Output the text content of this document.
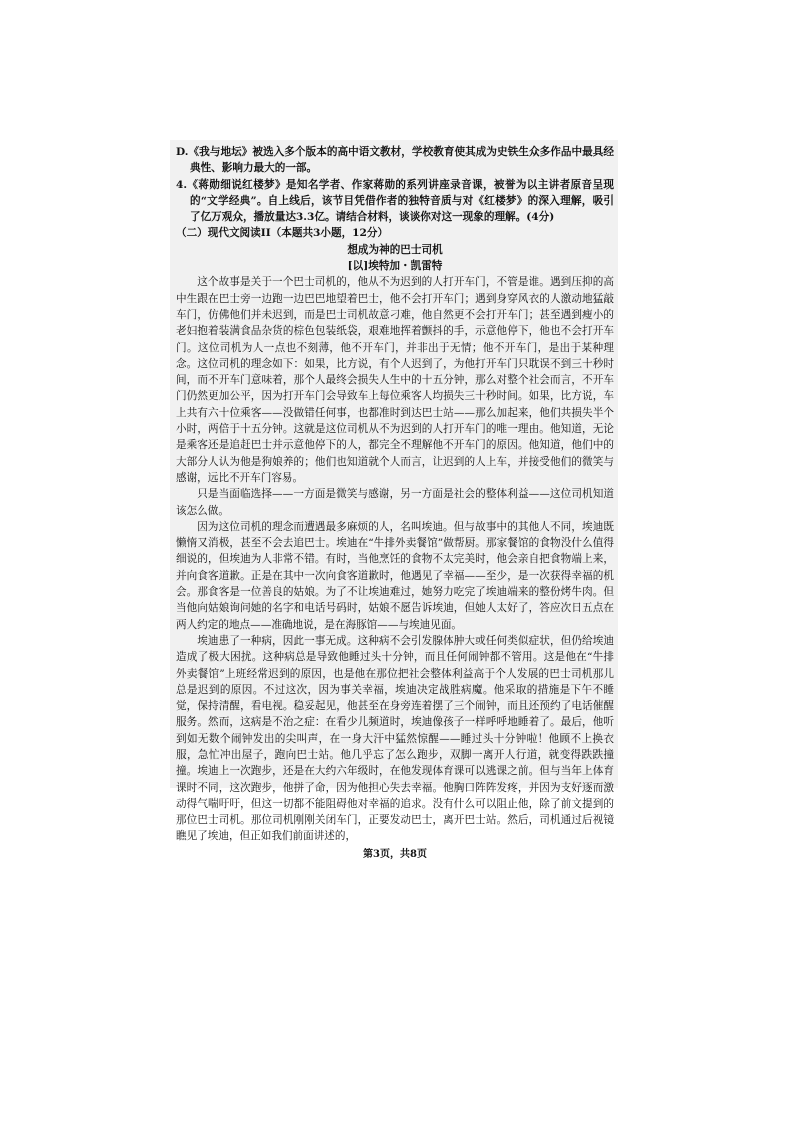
D.《我与地坛》被选入多个版本的高中语文教材，学校教育使其成为史铁生众多作品中最具经典性、影响力最大的一部。

4.《蒋勋细说红楼梦》是知名学者、作家蒋勋的系列讲座录音课，被誉为以主讲者原音呈现的“文学经典”。自上线后，该节目凭借作者的独特音质与对《红楼梦》的深入理解，吸引了亿万观众，播放量达3.3亿。请结合材料，谈谈你对这一现象的理解。(4分)

（二）现代文阅读II（本题共3小题，12分）

想成为神的巴士司机

[以]埃特加・凯雷特

这个故事是关于一个巴士司机的，他从不为迟到的人打开车门，不管是谁。遇到压抑的高中生跟在巴士旁一边跑一边巴巴地望着巴士，他不会打开车门；遇到身穿风衣的人激动地猛敲车门，仿佛他们并未迟到，而是巴士司机故意刁难，他自然更不会打开车门；甚至遇到瘦小的老妇抱着装满食品杂货的棕色包装纸袋，艰难地挥着颤抖的手，示意他停下，他也不会打开车门。这位司机为人一点也不刻薄，他不开车门，并非出于无情；他不开车门，是出于某种理念。这位司机的理念如下：如果，比方说，有个人迟到了，为他打开车门只耽误不到三十秒时间，而不开车门意味着，那个人最终会损失人生中的十五分钟，那么对整个社会而言，不开车门仍然更加公平，因为打开车门会导致车上每位乘客人均损失三十秒时间。如果，比方说，车上共有六十位乘客——没做错任何事，也都准时到达巴士站——那么加起来，他们共损失半个小时，两倍于十五分钟。这就是这位司机从不为迟到的人打开车门的唯一理由。他知道，无论是乘客还是追赶巴士并示意他停下的人，都完全不理解他不开车门的原因。他知道，他们中的大部分人认为他是狗娘养的；他们也知道就个人而言，让迟到的人上车，并接受他们的微笑与感谢，远比不开车门容易。

只是当面临选择——一方面是微笑与感谢，另一方面是社会的整体利益——这位司机知道该怎么做。

因为这位司机的理念而遭遇最多麻烦的人，名叫埃迪。但与故事中的其他人不同，埃迪既懒惰又消极，甚至不会去追巴士。埃迪在“牛排外卖餐馆”做帮厨。那家餐馆的食物没什么值得细说的，但埃迪为人非常不错。有时，当他烹饪的食物不太完美时，他会亲自把食物端上来，并向食客道歉。正是在其中一次向食客道歉时，他遇见了幸福——至少，是一次获得幸福的机会。那食客是一位善良的姑娘。为了不让埃迪难过，她努力吃完了埃迪端来的整份烤牛肉。但当他向姑娘询问她的名字和电话号码时，姑娘不愿告诉埃迪，但她人太好了，答应次日五点在两人约定的地点——准确地说，是在海豚馆——与埃迪见面。

埃迪患了一种病，因此一事无成。这种病不会引发腺体肿大或任何类似症状，但仍给埃迪造成了极大困扰。这种病总是导致他睡过头十分钟，而且任何闹钟都不管用。这是他在“牛排外卖餐馆”上班经常迟到的原因，也是他在那位把社会整体利益高于个人发展的巴士司机那儿总是迟到的原因。不过这次，因为事关幸福，埃迪决定战胜病魔。他采取的措施是下午不睡觉，保持清醒，看电视。稳妥起见，他甚至在身旁连着摆了三个闹钟，而且还预约了电话催醒服务。然而，这病是不治之症：在看少儿频道时，埃迪像孩子一样呼呼地睡着了。最后，他听到如无数个闹钟发出的尖叫声，在一身大汗中猛然惊醒——睡过头十分钟啦！他顾不上换衣服，急忙冲出屋子，跑向巴士站。他几乎忘了怎么跑步，双脚一离开人行道，就变得跌跌撞撞。埃迪上一次跑步，还是在大约六年级时，在他发现体育课可以逃课之前。但与当年上体育课时不同，这次跑步，他拼了命，因为他担心失去幸福。他胸口阵阵发疼，并因为支好逐而激动得气喘吁吁，但这一切都不能阻碍他对幸福的追求。没有什么可以阻止他，除了前文提到的那位巴士司机。那位司机刚刚关闭车门，正要发动巴士，离开巴士站。然后，司机通过后视镜瞧见了埃迪，但正如我们前面讲述的，

第3页，共8页
